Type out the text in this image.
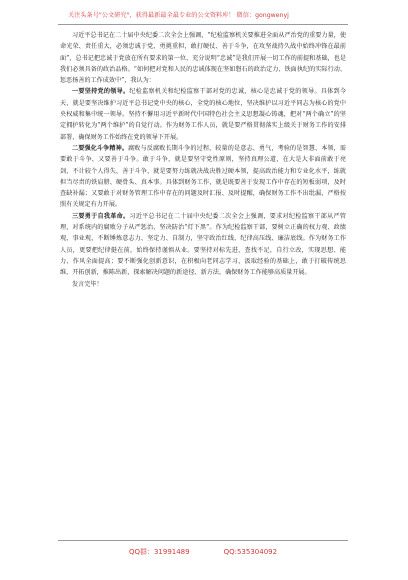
关注头条号"公文研究"，获得最新最全最专业的公文资料库！ 微信：gongwenyj

习近平总书记在二十届中央纪委二次全会上强调，“纪检监察机关要推进全面从严治党的重要力量，使命光荣、责任重大，必须忠诚于党、勇挑重担，敢打硬仗、善于斗争，在攻坚战持久战中始终冲锋在最前面”，总书记把忠诚于党放在所有要求的第一位，充分说明“忠诚”是我们开展一切工作的前提和基础，也是我们必须具备的政治品格。“如何把对党和人民的忠诚体现在坚如磐石的政治定力、铁面执纪的实际行动、惩恶扬善的工作成效中”，我认为：

一要坚持党的领导。纪检监察机关和纪检监察干部对党的忠诚，核心是忠诚于党的领导。具体到今天，就是要坚决维护习近平总书记党中央的核心，全党的核心地位，坚决维护以习近平同志为核心的党中央权威和集中统一领导。坚持不懈用习近平新时代中国特色社会主义思想凝心铸魂，把对“两个确立”的坚定拥护转化为“两个维护”的自觉行动。作为财务工作人员，就是要严格贯彻落实上级关于财务工作的安排部署，确保财务工作始终在党的领导下开展。

二要强化斗争精神。腐败与反腐败长期斗争的过程，较量的是意志、勇气，考验的是智慧、本领，需要敢于斗争、又要善于斗争。敢于斗争，就是要坚守党性原则，坚持真理公道，在大是大非面前敢于亮剑，不计较个人得失，善于斗争，就是要努力练就决战决胜过硬本领，提高政治能力和专业化水平，练就担当尽责的铁肩膀、硬骨头、真本事。具体到财务工作，就是既要善于发现工作中存在的短板弱项，及时查缺补漏；又要敢于对财务管理工作中存在的问题及时汇报、及时提醒，确保财务工作不出纰漏，严格按照有关规定有力开展。

三要勇于自我革命。习近平总书记在二十届中央纪委二次全会上强调，要求对纪检监察干部从严管理，对系统内的腐败分子从严惩治，坚决防治“灯下黑”。作为纪检监察干部，要树立正确的权力观、政绩观、事业观，不断锤炼意志力、坚定力、自制力，坚守政治红线、纪律高压线、廉洁底线。作为财务工作人员，更要把纪律挺在前，始终保持谨慎从业。要坚持对标先进，查找不足，自行立改，实现思想、能力、作风全面提高；要不断强化创新意识，在积极向老同志学习，汲取经验的基础上，敢于打破传统思维，开拓创新，推陈出新，探索解决问题的新途径、新方法，确保财务工作能够高质量开展。

发言完毕！

QQ群：31991489	QQ:535304092
